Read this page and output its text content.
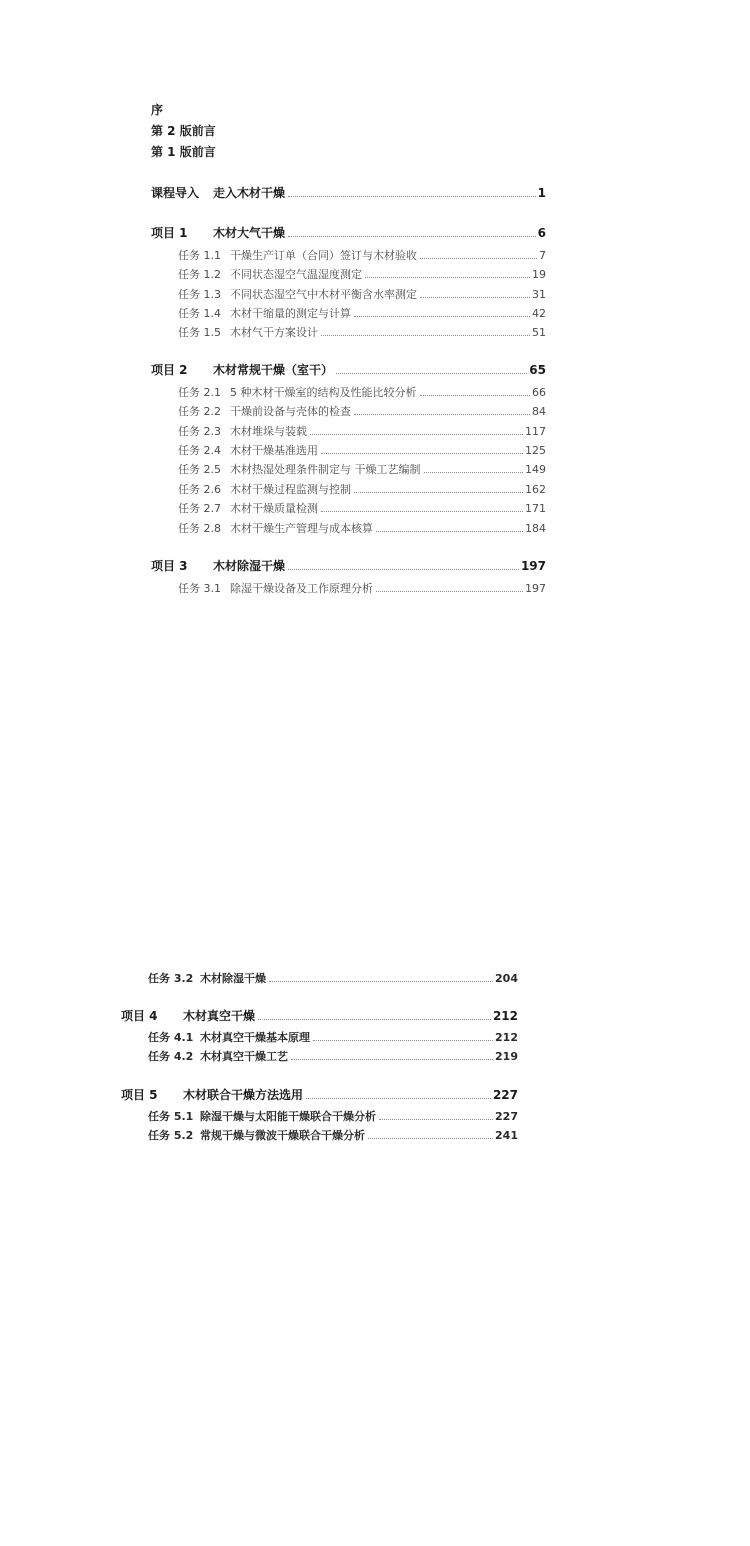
序
第 2 版前言
第 1 版前言
课程导入	走入木材干燥	1
项目 1	木材大气干燥	6
任务 1.1 干燥生产订单（合同）签订与木材验收	7
任务 1.2 不同状态湿空气温湿度测定	19
任务 1.3 不同状态湿空气中木材平衡含水率测定	31
任务 1.4 木材干缩量的测定与计算	42
任务 1.5 木材气干方案设计	51
项目 2	木材常规干燥（室干）	65
任务 2.1 5 种木材干燥室的结构及性能比较分析	66
任务 2.2 干燥前设备与壳体的检查	84
任务 2.3 木材堆垛与装载	117
任务 2.4 木材干燥基准选用	125
任务 2.5 木材热湿处理条件制定与 干燥工艺编制	149
任务 2.6 木材干燥过程监测与控制	162
任务 2.7 木材干燥质量检测	171
任务 2.8 木材干燥生产管理与成本核算	184
项目 3	木材除湿干燥	197
任务 3.1 除湿干燥设备及工作原理分析	197
任务 3.2 木材除湿干燥	204
项目 4	木材真空干燥	212
任务 4.1 木材真空干燥基本原理	212
任务 4.2 木材真空干燥工艺	219
项目 5	木材联合干燥方法选用	227
任务 5.1 除湿干燥与太阳能干燥联合干燥分析	227
任务 5.2 常规干燥与微波干燥联合干燥分析	241
